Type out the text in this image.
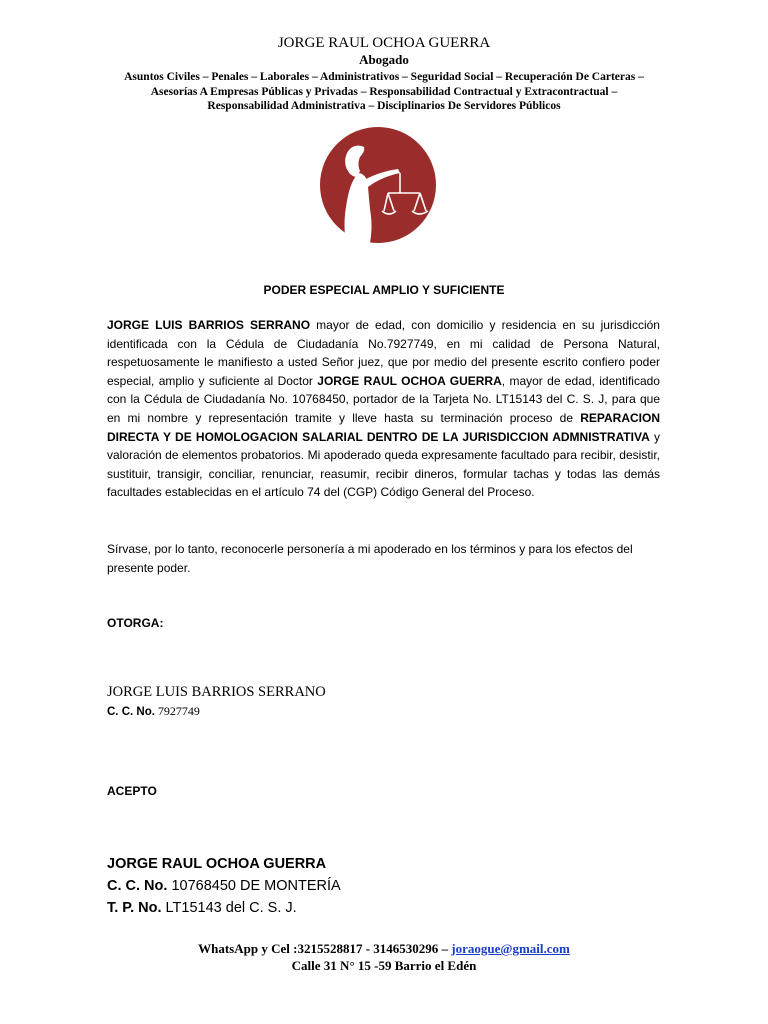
JORGE RAUL OCHOA GUERRA
Abogado
Asuntos Civiles – Penales – Laborales – Administrativos – Seguridad Social – Recuperación De Carteras – Asesorías A Empresas Públicas y Privadas – Responsabilidad Contractual y Extracontractual – Responsabilidad Administrativa – Disciplinarios De Servidores Públicos
PODER ESPECIAL AMPLIO Y SUFICIENTE
JORGE LUIS BARRIOS SERRANO mayor de edad, con domicilio y residencia en su jurisdicción identificada con la Cédula de Ciudadanía No.7927749, en mi calidad de Persona Natural, respetuosamente le manifiesto a usted Señor juez, que por medio del presente escrito confiero poder especial, amplio y suficiente al Doctor JORGE RAUL OCHOA GUERRA, mayor de edad, identificado con la Cédula de Ciudadanía No. 10768450, portador de la Tarjeta No. LT15143 del C. S. J, para que en mi nombre y representación tramite y lleve hasta su terminación proceso de REPARACION DIRECTA Y DE HOMOLOGACION SALARIAL DENTRO DE LA JURISDICCION ADMNISTRATIVA y valoración de elementos probatorios. Mi apoderado queda expresamente facultado para recibir, desistir, sustituir, transigir, conciliar, renunciar, reasumir, recibir dineros, formular tachas y todas las demás facultades establecidas en el artículo 74 del (CGP) Código General del Proceso.
Sírvase, por lo tanto, reconocerle personería a mi apoderado en los términos y para los efectos del presente poder.
OTORGA:
JORGE LUIS BARRIOS SERRANO
C. C. No. 7927749
ACEPTO
JORGE RAUL OCHOA GUERRA
C. C. No. 10768450 DE MONTERÍA
T. P. No. LT15143 del C. S. J.
WhatsApp y Cel :3215528817 - 3146530296 – joraogue@gmail.com
Calle 31 N° 15 -59 Barrio el Edén
